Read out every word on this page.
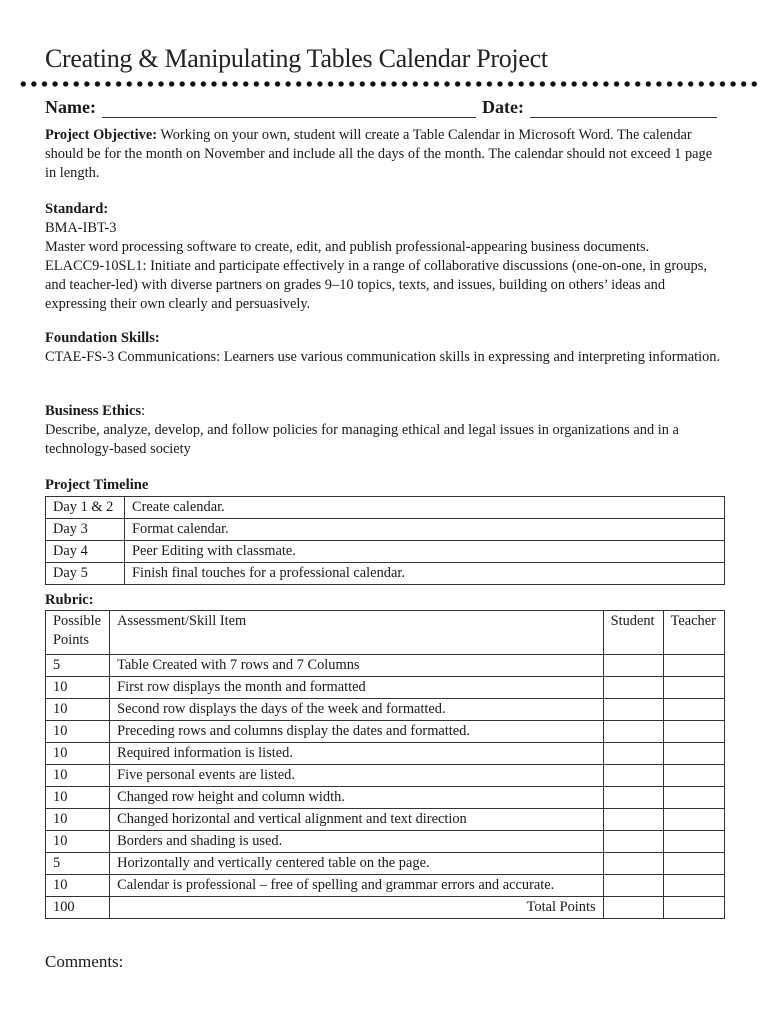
Creating & Manipulating Tables Calendar Project
Name:	Date:
Project Objective: Working on your own, student will create a Table Calendar in Microsoft Word. The calendar should be for the month on November and include all the days of the month. The calendar should not exceed 1 page in length.
Standard:
BMA-IBT-3
Master word processing software to create, edit, and publish professional-appearing business documents.
ELACC9-10SL1: Initiate and participate effectively in a range of collaborative discussions (one-on-one, in groups, and teacher-led) with diverse partners on grades 9–10 topics, texts, and issues, building on others’ ideas and expressing their own clearly and persuasively.
Foundation Skills:
CTAE-FS-3 Communications: Learners use various communication skills in expressing and interpreting information.
Business Ethics:
Describe, analyze, develop, and follow policies for managing ethical and legal issues in organizations and in a technology-based society
Project Timeline
Day 1 & 2	Create calendar.
Day 3	Format calendar.
Day 4	Peer Editing with classmate.
Day 5	Finish final touches for a professional calendar.
Rubric:
Possible Points	Assessment/Skill Item	Student	Teacher
5	Table Created with 7 rows and 7 Columns		
10	First row displays the month and formatted		
10	Second row displays the days of the week and formatted.		
10	Preceding rows and columns display the dates and formatted.		
10	Required information is listed.		
10	Five personal events are listed.		
10	Changed row height and column width.		
10	Changed horizontal and vertical alignment and text direction		
10	Borders and shading is used.		
5	Horizontally and vertically centered table on the page.		
10	Calendar is professional – free of spelling and grammar errors and accurate.		
100	Total Points		
Comments:
